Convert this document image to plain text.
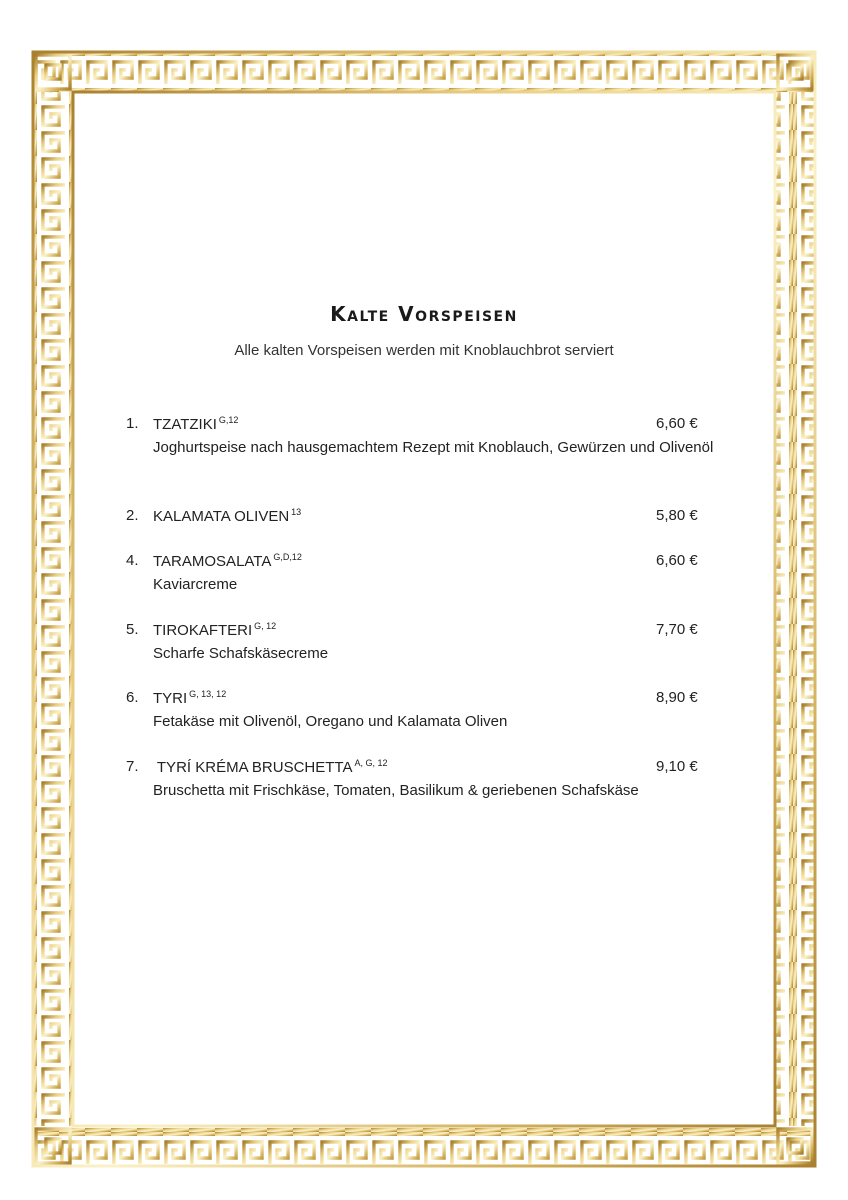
Kalte Vorspeisen
Alle kalten Vorspeisen werden mit Knoblauchbrot serviert
1. TZATZIKI $^{G,12}$	6,60 €
Joghurtspeise nach hausgemachtem Rezept mit Knoblauch, Gewürzen und Olivenöl
2. KALAMATA OLIVEN $^{13}$	5,80 €
4. TARAMOSALATA $^{G,D,12}$	6,60 €
Kaviarcreme
5. TIROKAFTERI $^{G, 12}$	7,70 €
Scharfe Schafskäsecreme
6. TYRI $^{G, 13, 12}$	8,90 €
Fetakäse mit Olivenöl, Oregano und Kalamata Oliven
7. TYRÍ KRÉMA BRUSCHETTA $^{A, G, 12}$	9,10 €
Bruschetta mit Frischkäse, Tomaten, Basilikum & geriebenen Schafskäse
